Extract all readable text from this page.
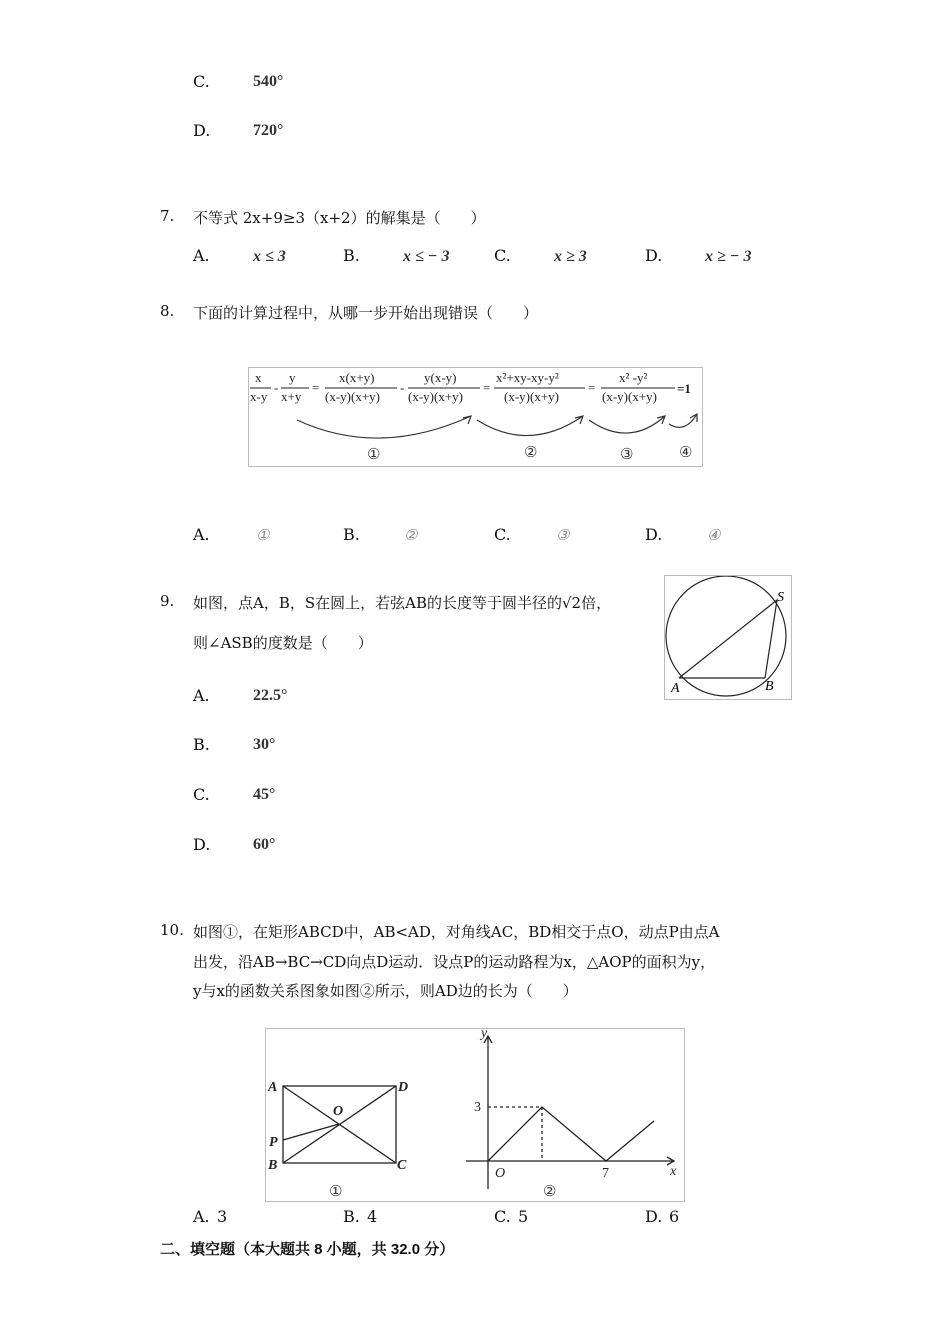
C.	540°
D.	720°
7. 不等式 2x+9≥3（x+2）的解集是（　　）
A.	x ≤ 3	B.	x ≤ − 3	C.	x ≥ 3	D.	x ≥ − 3
8. 下面的计算过程中，从哪一步开始出现错误（　　）
x
x-y
-
y
x+y
=
x(x+y)
(x-y)(x+y)
-
y(x-y)
(x-y)(x+y)
=
x²+xy-xy-y²
(x-y)(x+y)
=
x² -y²
(x-y)(x+y)
=1
①	②	③	④
A.	①	B.	②	C.	③	D.	④
9. 如图，点A，B，S在圆上，若弦AB的长度等于圆半径的√2倍，
则∠ASB的度数是（　　）
A	B
S
A.	22.5°
B.	30°
C.	45°
D.	60°
10. 如图①，在矩形ABCD中，AB<AD，对角线AC，BD相交于点O，动点P由点A
出发，沿AB→BC→CD向点D运动．设点P的运动路程为x，△AOP的面积为y，
y与x的函数关系图象如图②所示，则AD边的长为（　　）
A	D
B	C
O
P
①
y
x
O
3
7
②
A. 3	B. 4	C. 5	D. 6
二、填空题（本大题共 8 小题，共 32.0 分）
